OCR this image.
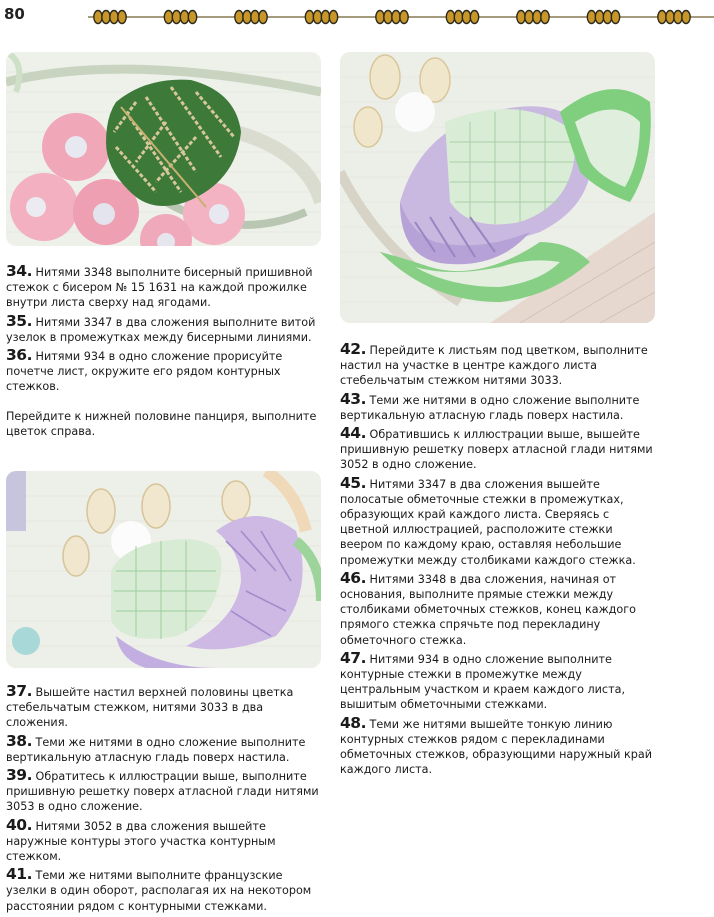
80

34. Нитями 3348 выполните бисерный пришивной стежок с бисером № 15 1631 на каждой прожилке внутри листа сверху над ягодами.

35. Нитями 3347 в два сложения выполните витой узелок в промежутках между бисерными линиями.

36. Нитями 934 в одно сложение прорисуйте почетче лист, окружите его рядом контурных стежков.

Перейдите к нижней половине панциря, выполните цветок справа.

37. Вышейте настил верхней половины цветка стебельчатым стежком, нитями 3033 в два сложения.

38. Теми же нитями в одно сложение выполните вертикальную атласную гладь поверх настила.

39. Обратитесь к иллюстрации выше, выполните пришивную решетку поверх атласной глади нитями 3053 в одно сложение.

40. Нитями 3052 в два сложения вышейте наружные контуры этого участка контурным стежком.

41. Теми же нитями выполните французские узелки в один оборот, располагая их на некотором расстоянии рядом с контурными стежками.

42. Перейдите к листьям под цветком, выполните настил на участке в центре каждого листа стебельчатым стежком нитями 3033.

43. Теми же нитями в одно сложение выполните вертикальную атласную гладь поверх настила.

44. Обратившись к иллюстрации выше, вышейте пришивную решетку поверх атласной глади нитями 3052 в одно сложение.

45. Нитями 3347 в два сложения вышейте полосатые обметочные стежки в промежутках, образующих край каждого листа. Сверяясь с цветной иллюстрацией, расположите стежки веером по каждому краю, оставляя небольшие промежутки между столбиками каждого стежка.

46. Нитями 3348 в два сложения, начиная от основания, выполните прямые стежки между столбиками обметочных стежков, конец каждого прямого стежка спрячьте под перекладину обметочного стежка.

47. Нитями 934 в одно сложение выполните контурные стежки в промежутке между центральным участком и краем каждого листа, вышитым обметочными стежками.

48. Теми же нитями вышейте тонкую линию контурных стежков рядом с перекладинами обметочных стежков, образующими наружный край каждого листа.
